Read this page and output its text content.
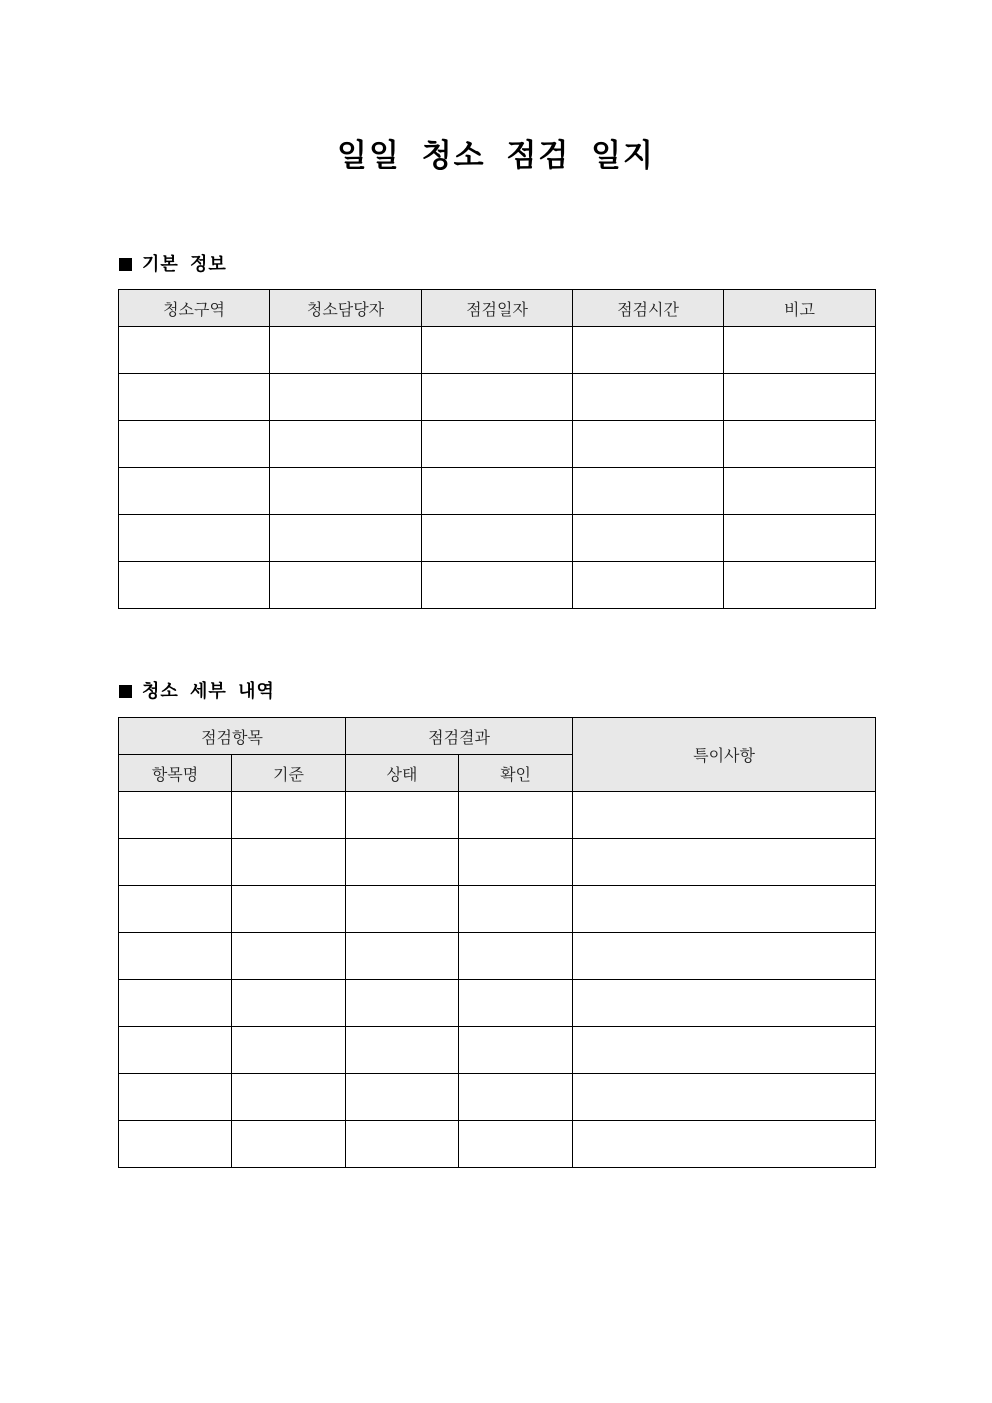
일일 청소 점검 일지
기본 정보
청소구역	청소담당자	점검일자	점검시간	비고

청소 세부 내역
점검항목		점검결과		특이사항
항목명	기준	상태	확인	
